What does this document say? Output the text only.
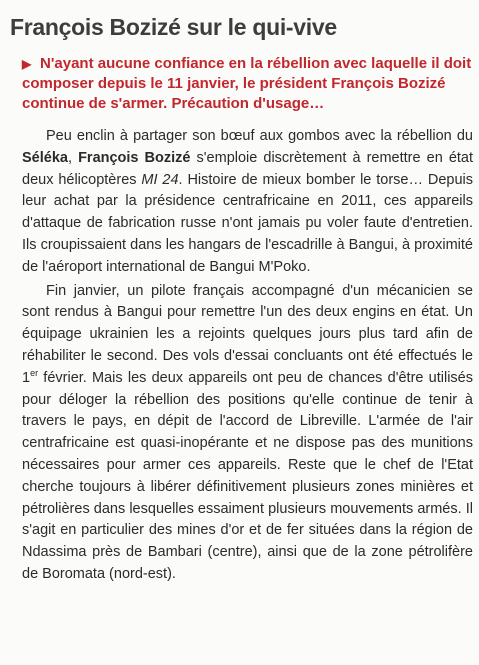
François Bozizé sur le qui-vive
▶ N'ayant aucune confiance en la rébellion avec laquelle il doit composer depuis le 11 janvier, le président François Bozizé continue de s'armer. Précaution d'usage…

Peu enclin à partager son bœuf aux gombos avec la rébellion du Séléka, François Bozizé s'emploie discrètement à remettre en état deux hélicoptères MI 24. Histoire de mieux bomber le torse… Depuis leur achat par la présidence centrafricaine en 2011, ces appareils d'attaque de fabrication russe n'ont jamais pu voler faute d'entretien. Ils croupissaient dans les hangars de l'escadrille à Bangui, à proximité de l'aéroport international de Bangui M'Poko.

Fin janvier, un pilote français accompagné d'un mécanicien se sont rendus à Bangui pour remettre l'un des deux engins en état. Un équipage ukrainien les a rejoints quelques jours plus tard afin de réhabiliter le second. Des vols d'essai concluants ont été effectués le 1er février. Mais les deux appareils ont peu de chances d'être utilisés pour déloger la rébellion des positions qu'elle continue de tenir à travers le pays, en dépit de l'accord de Libreville. L'armée de l'air centrafricaine est quasi-inopérante et ne dispose pas des munitions nécessaires pour armer ces appareils. Reste que le chef de l'Etat cherche toujours à libérer définitivement plusieurs zones minières et pétrolières dans lesquelles essaiment plusieurs mouvements armés. Il s'agit en particulier des mines d'or et de fer situées dans la région de Ndassima près de Bambari (centre), ainsi que de la zone pétrolifère de Boromata (nord-est).
